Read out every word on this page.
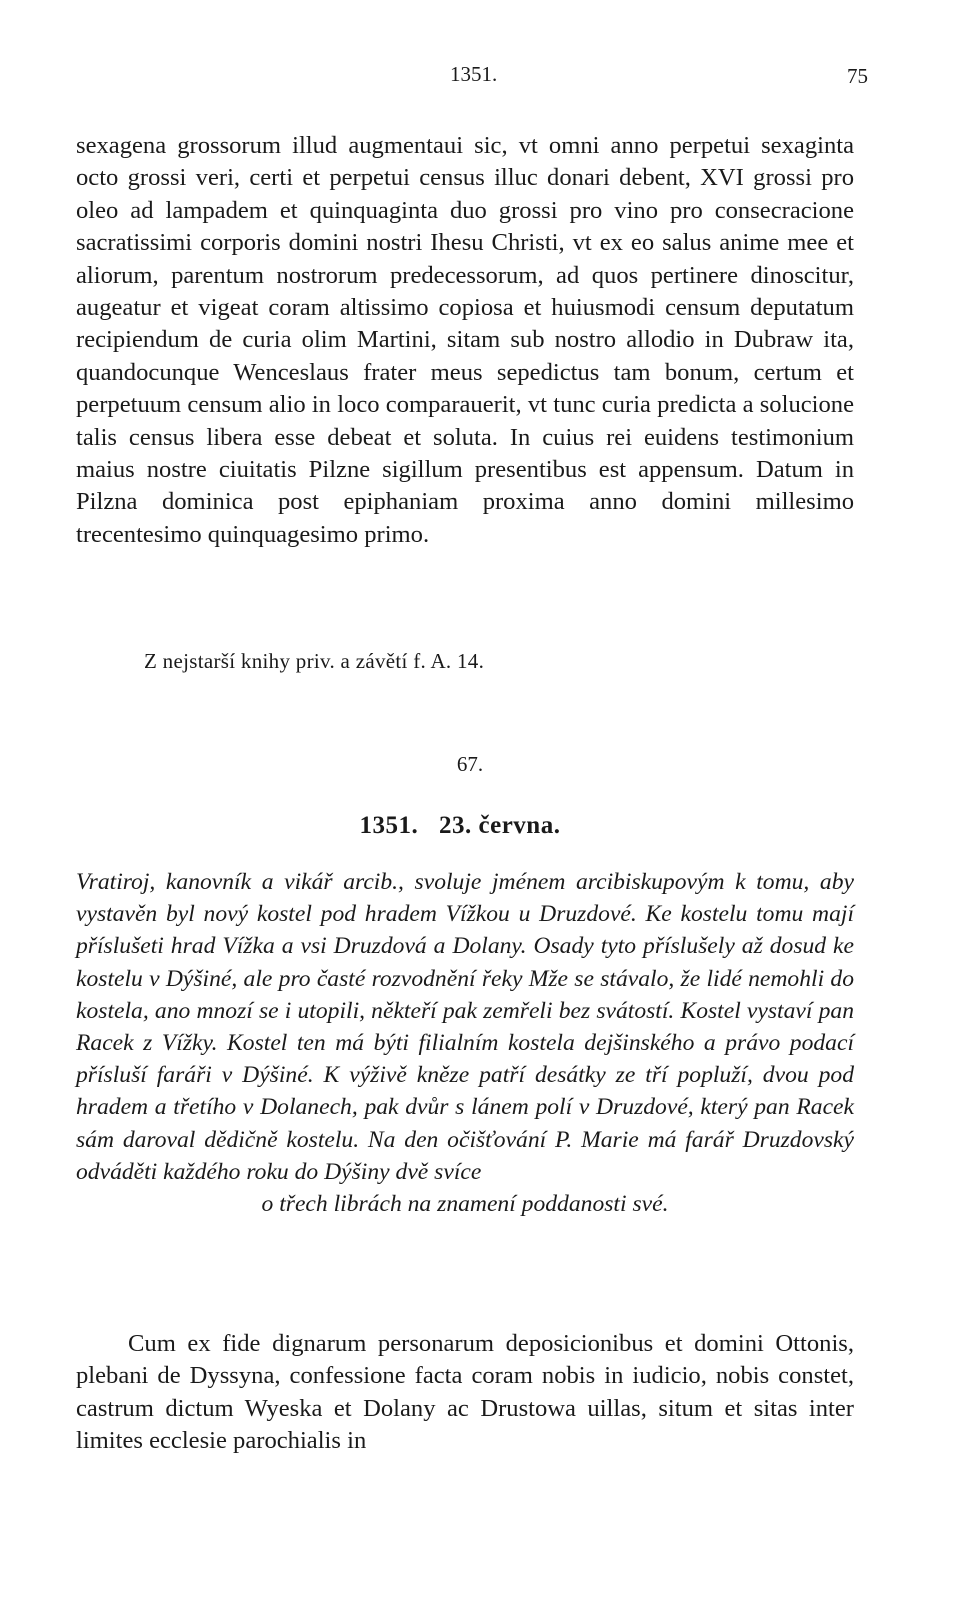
1351.	75

sexagena grossorum illud augmentaui sic, vt omni anno perpetui sexaginta octo grossi veri, certi et perpetui census illuc donari debent, XVI grossi pro oleo ad lampadem et quinquaginta duo grossi pro vino pro consecracione sacratissimi corporis domini nostri Ihesu Christi, vt ex eo salus anime mee et aliorum, parentum nostrorum predecessorum, ad quos pertinere dinoscitur, augeatur et vigeat coram altissimo copiosa et huiusmodi censum deputatum recipiendum de curia olim Martini, sitam sub nostro allodio in Dubraw ita, quandocunque Wenceslaus frater meus sepedictus tam bonum, certum et perpetuum censum alio in loco comparauerit, vt tunc curia predicta a solucione talis census libera esse debeat et soluta. In cuius rei euidens testimonium maius nostre ciuitatis Pilzne sigillum presentibus est appensum. Datum in Pilzna dominica post epiphaniam proxima anno domini millesimo trecentesimo quinquagesimo primo.

Z nejstarší knihy priv. a závětí f. A. 14.
67.
1351. 23. června.

Vratiroj, kanovník a vikář arcib., svoluje jménem arcibiskupovým k tomu, aby vystavěn byl nový kostel pod hradem Vížkou u Druzdové. Ke kostelu tomu mají příslušeti hrad Vížka a vsi Druzdová a Dolany. Osady tyto příslušely až dosud ke kostelu v Dýšiné, ale pro časté rozvodnění řeky Mže se stávalo, že lidé nemohli do kostela, ano mnozí se i utopili, někteří pak zemřeli bez svátostí. Kostel vystaví pan Racek z Vížky. Kostel ten má býti filialním kostela dejšinského a právo podací přísluší faráři v Dýšiné. K výživě kněze patří desátky ze tří popluží, dvou pod hradem a třetího v Dolanech, pak dvůr s lánem polí v Druzdové, který pan Racek sám daroval dědičně kostelu. Na den očišťování P. Marie má farář Druzdovský odváděti každého roku do Dýšiny dvě svíce
o třech librách na znamení poddanosti své.

Cum ex fide dignarum personarum deposicionibus et domini Ottonis, plebani de Dyssyna, confessione facta coram nobis in iudicio, nobis constet, castrum dictum Wyeska et Dolany ac Drustowa uillas, situm et sitas inter limites ecclesie parochialis in
